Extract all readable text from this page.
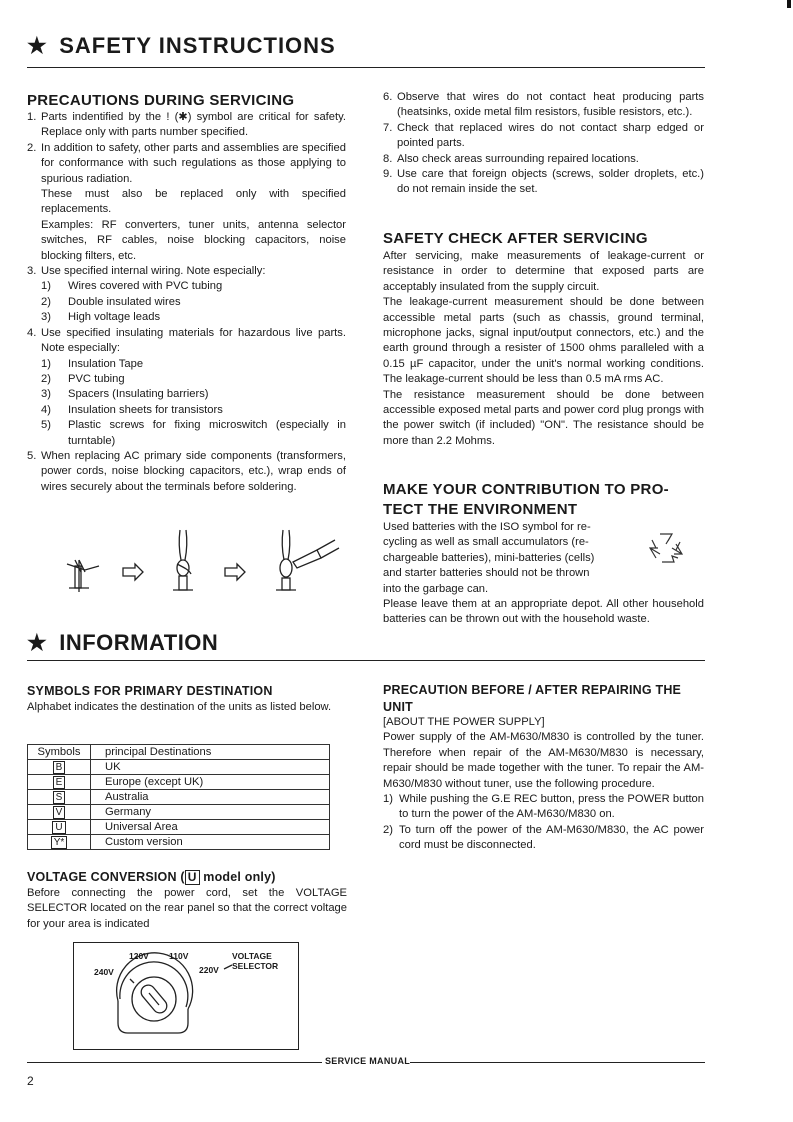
★ SAFETY INSTRUCTIONS
PRECAUTIONS DURING SERVICING
1. Parts indentified by the ! (✱) symbol are critical for safety. Replace only with parts number specified.
2. In addition to safety, other parts and assemblies are specified for conformance with such regulations as those applying to spurious radiation.
These must also be replaced only with specified replacements.
Examples: RF converters, tuner units, antenna selector switches, RF cables, noise blocking capacitors, noise blocking filters, etc.
3. Use specified internal wiring. Note especially:
1)	Wires covered with PVC tubing
2)	Double insulated wires
3)	High voltage leads
4. Use specified insulating materials for hazardous live parts. Note especially:
1)	Insulation Tape
2)	PVC tubing
3)	Spacers (Insulating barriers)
4)	Insulation sheets for transistors
5)	Plastic screws for fixing microswitch (especially in turntable)
5. When replacing AC primary side components (transformers, power cords, noise blocking capacitors, etc.), wrap ends of wires securely about the terminals before soldering.
★ INFORMATION
6. Observe that wires do not contact heat producing parts (heatsinks, oxide metal film resistors, fusible resistors, etc.).
7. Check that replaced wires do not contact sharp edged or pointed parts.
8. Also check areas surrounding repaired locations.
9. Use care that foreign objects (screws, solder droplets, etc.) do not remain inside the set.
SAFETY CHECK AFTER SERVICING
After servicing, make measurements of leakage-current or resistance in order to determine that exposed parts are acceptably insulated from the supply circuit.
The leakage-current measurement should be done between accessible metal parts (such as chassis, ground terminal, microphone jacks, signal input/output connectors, etc.) and the earth ground through a resister of 1500 ohms paralleled with a 0.15 µF capacitor, under the unit's normal working conditions. The leakage-current should be less than 0.5 mA rms AC.
The resistance measurement should be done between accessible exposed metal parts and power cord plug prongs with the power switch (if included) "ON". The resistance should be more than 2.2 Mohms.
MAKE YOUR CONTRIBUTION TO PRO-
TECT THE ENVIRONMENT
Used batteries with the ISO symbol for re-
cycling as well as small accumulators (re-
chargeable batteries), mini-batteries (cells)
and starter batteries should not be thrown
into the garbage can.
Please leave them at an appropriate depot. All other household batteries can be thrown out with the household waste.
SYMBOLS FOR PRIMARY DESTINATION
Alphabet indicates the destination of the units as listed below.
Symbols	principal Destinations
B	UK
E	Europe (except UK)
S	Australia
V	Germany
U	Universal Area
Y*	Custom version
VOLTAGE CONVERSION ( U model only)
Before connecting the power cord, set the VOLTAGE SELECTOR located on the rear panel so that the correct voltage for your area is indicated
120V 110V
240V	220V
VOLTAGE
SELECTOR
PRECAUTION BEFORE / AFTER REPAIRING THE
UNIT
[ABOUT THE POWER SUPPLY]
Power supply of the AM-M630/M830 is controlled by the tuner. Therefore when repair of the AM-M630/M830 is necessary, repair should be made together with the tuner. To repair the AM-M630/M830 without tuner, use the following procedure.
1) While pushing the G.E REC button, press the POWER button to turn the power of the AM-M630/M830 on.
2) To turn off the power of the AM-M630/M830, the AC power cord must be disconnected.
SERVICE MANUAL
2
